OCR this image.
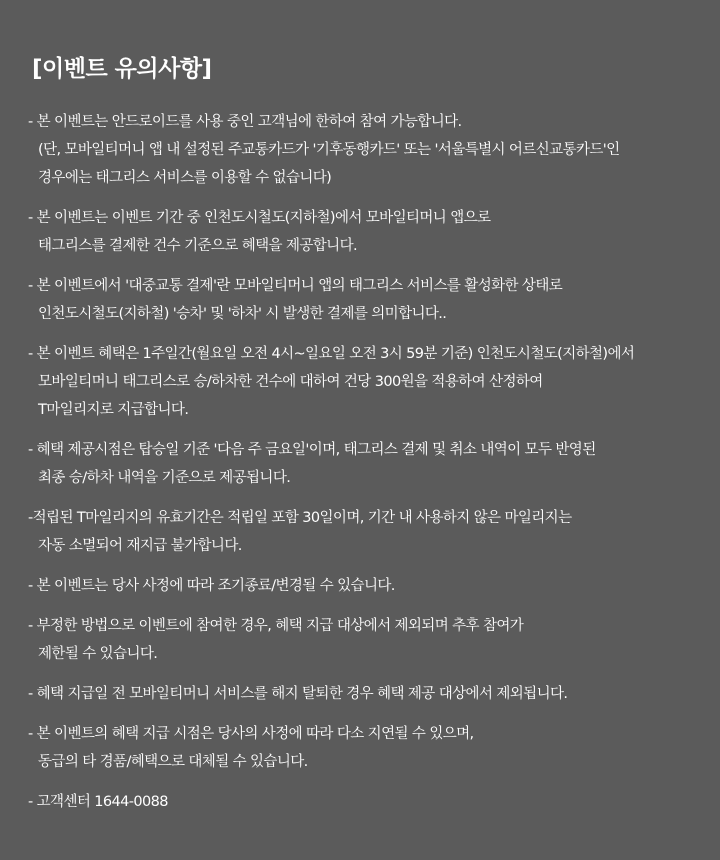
[이벤트 유의사항]
- 본 이벤트는 안드로이드를 사용 중인 고객님에 한하여 참여 가능합니다.
(단, 모바일티머니 앱 내 설정된 주교통카드가 '기후동행카드' 또는 '서울특별시 어르신교통카드'인
경우에는 태그리스 서비스를 이용할 수 없습니다)
- 본 이벤트는 이벤트 기간 중 인천도시철도(지하철)에서 모바일티머니 앱으로
태그리스를 결제한 건수 기준으로 혜택을 제공합니다.
- 본 이벤트에서 '대중교통 결제'란 모바일티머니 앱의 태그리스 서비스를 활성화한 상태로
인천도시철도(지하철) '승차' 및 '하차' 시 발생한 결제를 의미합니다..
- 본 이벤트 혜택은 1주일간(월요일 오전 4시~일요일 오전 3시 59분 기준) 인천도시철도(지하철)에서
모바일티머니 태그리스로 승/하차한 건수에 대하여 건당 300원을 적용하여 산정하여
T마일리지로 지급합니다.
- 혜택 제공시점은 탑승일 기준 '다음 주 금요일'이며, 태그리스 결제 및 취소 내역이 모두 반영된
최종 승/하차 내역을 기준으로 제공됩니다.
-적립된 T마일리지의 유효기간은 적립일 포함 30일이며, 기간 내 사용하지 않은 마일리지는
자동 소멸되어 재지급 불가합니다.
- 본 이벤트는 당사 사정에 따라 조기종료/변경될 수 있습니다.
- 부정한 방법으로 이벤트에 참여한 경우, 혜택 지급 대상에서 제외되며 추후 참여가
제한될 수 있습니다.
- 혜택 지급일 전 모바일티머니 서비스를 해지 탈퇴한 경우 혜택 제공 대상에서 제외됩니다.
- 본 이벤트의 혜택 지급 시점은 당사의 사정에 따라 다소 지연될 수 있으며,
동급의 타 경품/혜택으로 대체될 수 있습니다.
- 고객센터 1644-0088
